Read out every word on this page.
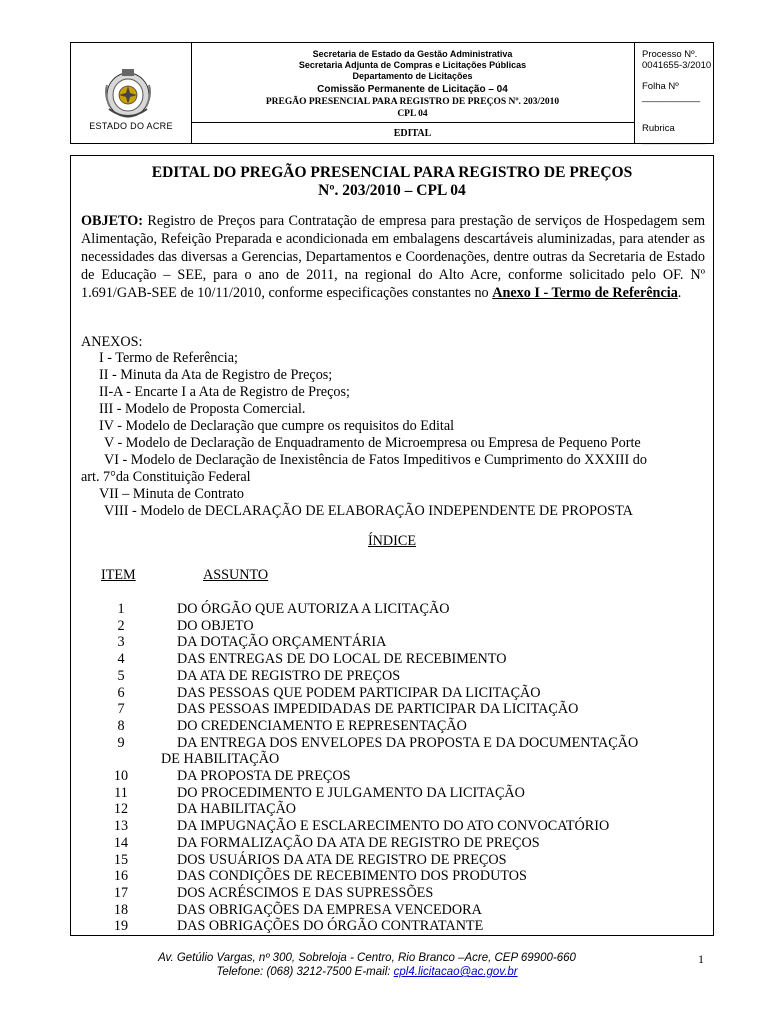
ESTADO DO ACRE
Secretaria de Estado da Gestão Administrativa
Secretaria Adjunta de Compras e Licitações Públicas
Departamento de Licitações
Comissão Permanente de Licitação – 04
PREGÃO PRESENCIAL PARA REGISTRO DE PREÇOS Nº. 203/2010
CPL 04
EDITAL
Processo Nº. 0041655-3/2010
Folha Nº ___________
Rubrica ____________
EDITAL DO PREGÃO PRESENCIAL PARA REGISTRO DE PREÇOS
Nº. 203/2010 – CPL 04
OBJETO: Registro de Preços para Contratação de empresa para prestação de serviços de Hospedagem sem Alimentação, Refeição Preparada e acondicionada em embalagens descartáveis aluminizadas, para atender as necessidades das diversas a Gerencias, Departamentos e Coordenações, dentre outras da Secretaria de Estado de Educação – SEE, para o ano de 2011, na regional do Alto Acre, conforme solicitado pelo OF. Nº 1.691/GAB-SEE de 10/11/2010, conforme especificações constantes no Anexo I - Termo de Referência.
ANEXOS:
I - Termo de Referência;
II - Minuta da Ata de Registro de Preços;
II-A - Encarte I a Ata de Registro de Preços;
III - Modelo de Proposta Comercial.
IV - Modelo de Declaração que cumpre os requisitos do Edital
V - Modelo de Declaração de Enquadramento de Microempresa ou Empresa de Pequeno Porte
VI - Modelo de Declaração de Inexistência de Fatos Impeditivos e Cumprimento do XXXIII do
art. 7°da Constituição Federal
VII – Minuta de Contrato
VIII - Modelo de DECLARAÇÃO DE ELABORAÇÃO INDEPENDENTE DE PROPOSTA
ÍNDICE
ITEM	ASSUNTO
1	DO ÓRGÃO QUE AUTORIZA A LICITAÇÃO
2	DO OBJETO
3	DA DOTAÇÃO ORÇAMENTÁRIA
4	DAS ENTREGAS DE DO LOCAL DE RECEBIMENTO
5	DA ATA DE REGISTRO DE PREÇOS
6	DAS PESSOAS QUE PODEM PARTICIPAR DA LICITAÇÃO
7	DAS PESSOAS IMPEDIDADAS DE PARTICIPAR DA LICITAÇÃO
8	DO CREDENCIAMENTO E REPRESENTAÇÃO
9	DA ENTREGA DOS ENVELOPES DA PROPOSTA E DA DOCUMENTAÇÃO
DE HABILITAÇÃO
10	DA PROPOSTA DE PREÇOS
11	DO PROCEDIMENTO E JULGAMENTO DA LICITAÇÃO
12	DA HABILITAÇÃO
13	DA IMPUGNAÇÃO E ESCLARECIMENTO DO ATO CONVOCATÓRIO
14	DA FORMALIZAÇÃO DA ATA DE REGISTRO DE PREÇOS
15	DOS USUÁRIOS DA ATA DE REGISTRO DE PREÇOS
16	DAS CONDIÇÕES DE RECEBIMENTO DOS PRODUTOS
17	DOS ACRÉSCIMOS E DAS SUPRESSÕES
18	DAS OBRIGAÇÕES DA EMPRESA VENCEDORA
19	DAS OBRIGAÇÕES DO ÓRGÃO CONTRATANTE
Av. Getúlio Vargas, nº 300, Sobreloja - Centro, Rio Branco –Acre, CEP 69900-660
Telefone: (068) 3212-7500 E-mail: cpl4.licitacao@ac.gov.br
1
